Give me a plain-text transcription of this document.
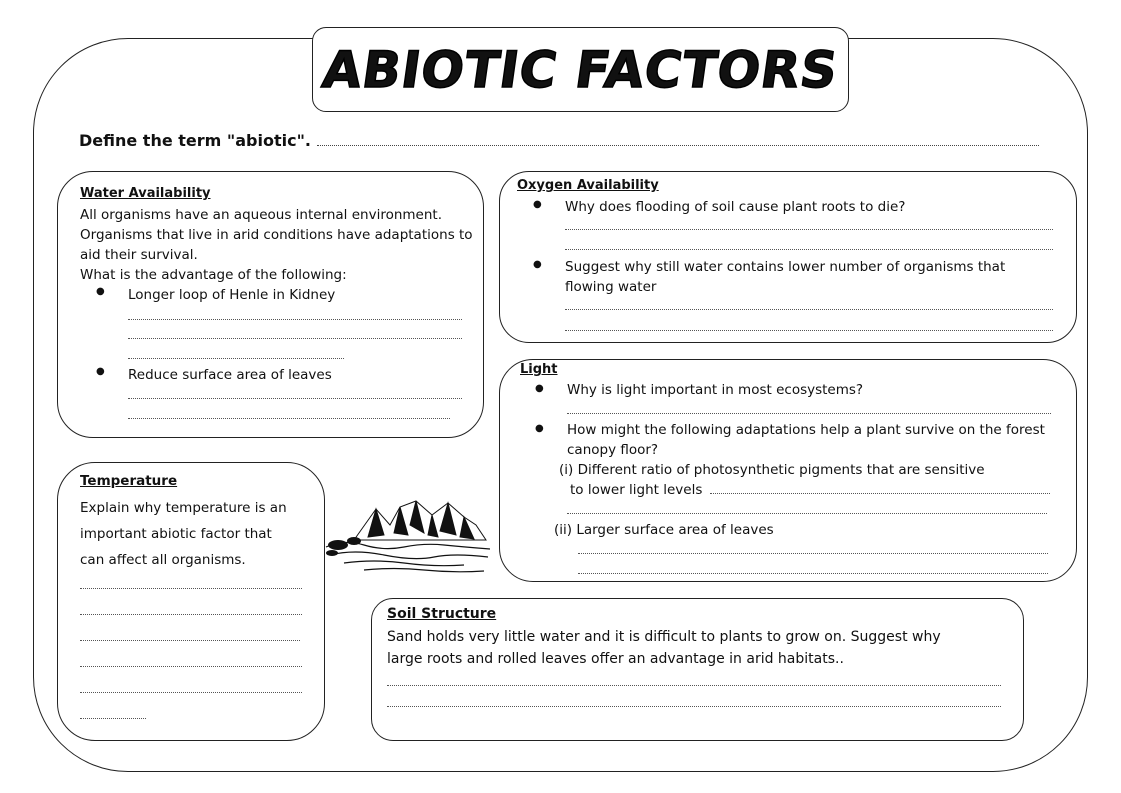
ABIOTIC FACTORS
Define the term "abiotic".
Water Availability
All organisms have an aqueous internal environment.
Organisms that live in arid conditions have adaptations to
aid their survival.
What is the advantage of the following:
● Longer loop of Henle in Kidney
● Reduce surface area of leaves
Oxygen Availability
● Why does flooding of soil cause plant roots to die?
● Suggest why still water contains lower number of organisms that
flowing water
Light
● Why is light important in most ecosystems?
● How might the following adaptations help a plant survive on the forest
canopy floor?
(i) Different ratio of photosynthetic pigments that are sensitive
to lower light levels
(ii) Larger surface area of leaves
Temperature
Explain why temperature is an
important abiotic factor that
can affect all organisms.
Soil Structure
Sand holds very little water and it is difficult to plants to grow on. Suggest why
large roots and rolled leaves offer an advantage in arid habitats..
